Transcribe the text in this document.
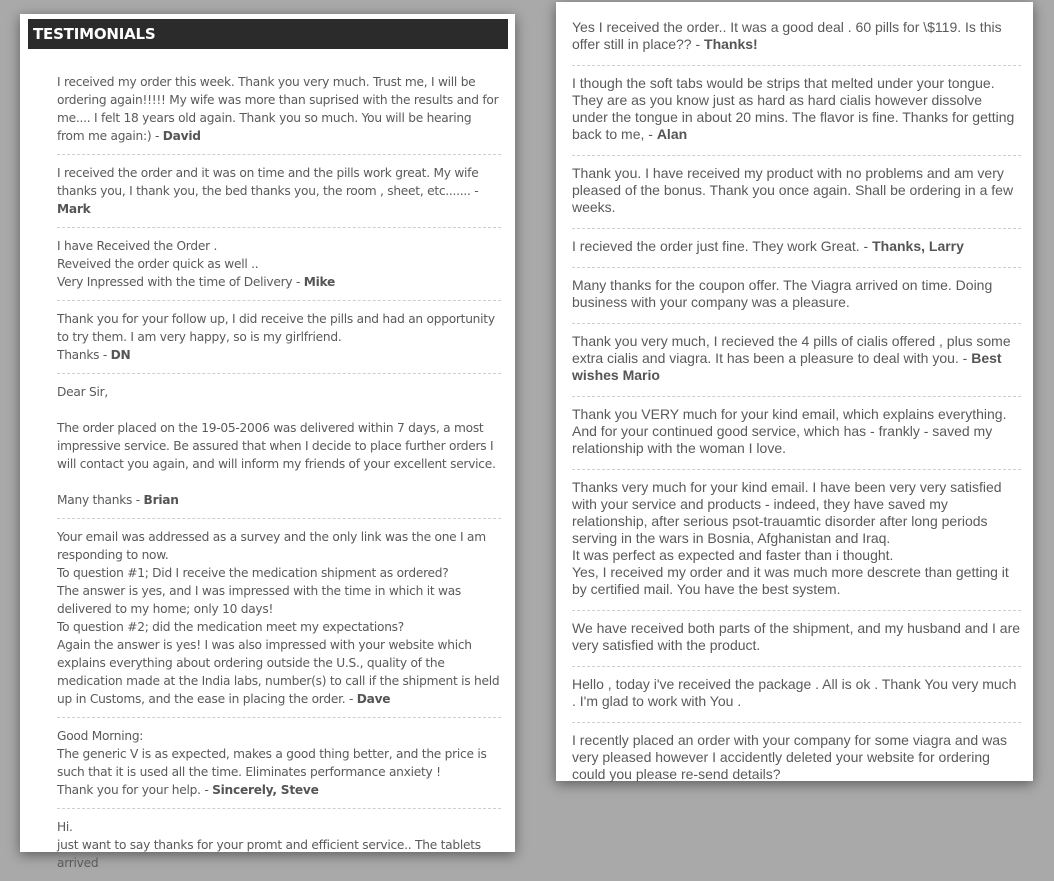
TESTIMONIALS
I received my order this week. Thank you very much. Trust me, I will be ordering again!!!!! My wife was more than suprised with the results and for me.... I felt 18 years old again. Thank you so much. You will be hearing from me again:) - David
I received the order and it was on time and the pills work great. My wife thanks you, I thank you, the bed thanks you, the room , sheet, etc....... - Mark
I have Received the Order .
Reveived the order quick as well ..
Very Inpressed with the time of Delivery - Mike
Thank you for your follow up, I did receive the pills and had an opportunity to try them. I am very happy, so is my girlfriend.
Thanks - DN
Dear Sir,
The order placed on the 19-05-2006 was delivered within 7 days, a most impressive service. Be assured that when I decide to place further orders I will contact you again, and will inform my friends of your excellent service.
Many thanks - Brian
Your email was addressed as a survey and the only link was the one I am responding to now.
To question #1; Did I receive the medication shipment as ordered?
The answer is yes, and I was impressed with the time in which it was delivered to my home; only 10 days!
To question #2; did the medication meet my expectations?
Again the answer is yes! I was also impressed with your website which explains everything about ordering outside the U.S., quality of the medication made at the India labs, number(s) to call if the shipment is held up in Customs, and the ease in placing the order. - Dave
Good Morning:
The generic V is as expected, makes a good thing better, and the price is such that it is used all the time. Eliminates performance anxiety !
Thank you for your help. - Sincerely, Steve
Hi.
just want to say thanks for your promt and efficient service.. The tablets arrived
Yes I received the order.. It was a good deal . 60 pills for \$119. Is this offer still in place?? - Thanks!
I though the soft tabs would be strips that melted under your tongue. They are as you know just as hard as hard cialis however dissolve under the tongue in about 20 mins. The flavor is fine. Thanks for getting back to me, - Alan
Thank you. I have received my product with no problems and am very pleased of the bonus. Thank you once again. Shall be ordering in a few weeks.
I recieved the order just fine. They work Great. - Thanks, Larry
Many thanks for the coupon offer. The Viagra arrived on time. Doing business with your company was a pleasure.
Thank you very much, I recieved the 4 pills of cialis offered , plus some extra cialis and viagra. It has been a pleasure to deal with you. - Best wishes Mario
Thank you VERY much for your kind email, which explains everything. And for your continued good service, which has - frankly - saved my relationship with the woman I love.
Thanks very much for your kind email. I have been very very satisfied with your service and products - indeed, they have saved my relationship, after serious psot-trauamtic disorder after long periods serving in the wars in Bosnia, Afghanistan and Iraq.
It was perfect as expected and faster than i thought.
Yes, I received my order and it was much more descrete than getting it by certified mail. You have the best system.
We have received both parts of the shipment, and my husband and I are very satisfied with the product.
Hello , today i've received the package . All is ok . Thank You very much . I'm glad to work with You .
I recently placed an order with your company for some viagra and was very pleased however I accidently deleted your website for ordering could you please re-send details?
